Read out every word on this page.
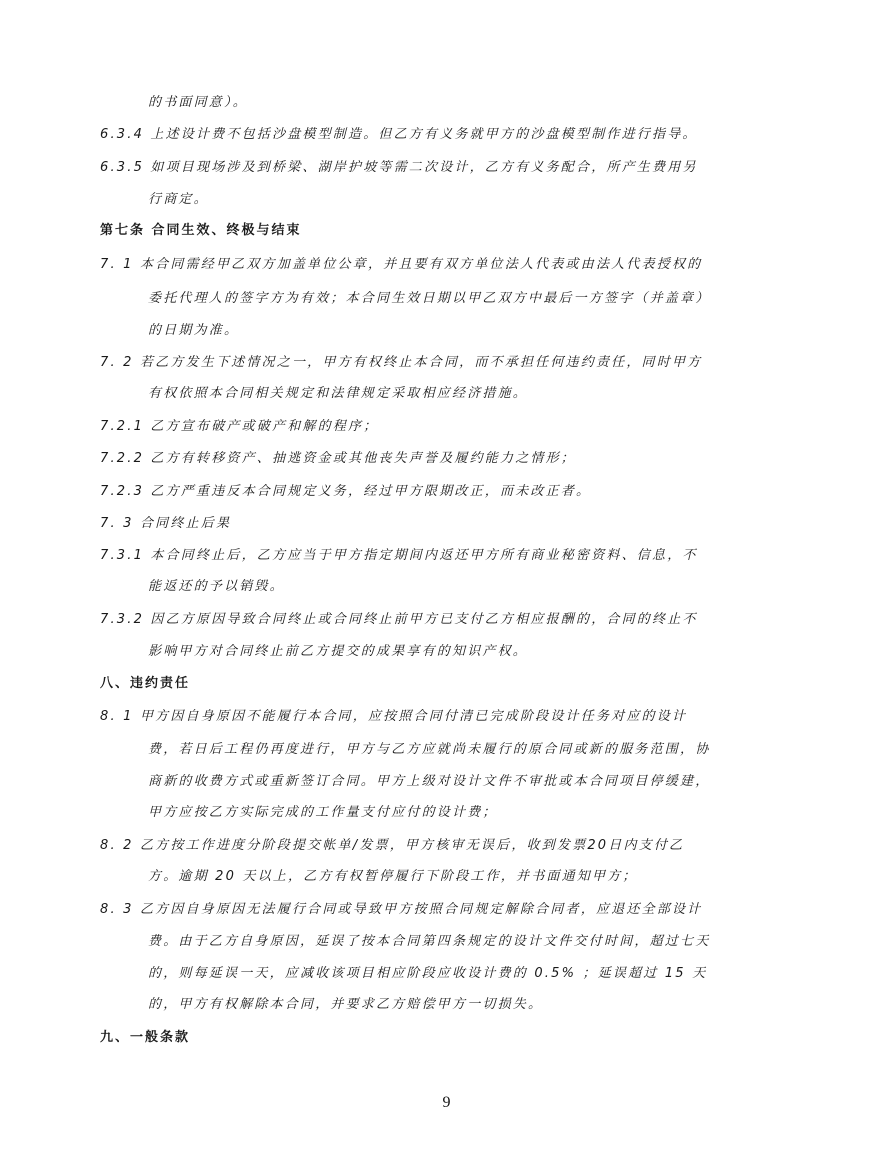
的书面同意）。
6.3.4 上述设计费不包括沙盘模型制造。但乙方有义务就甲方的沙盘模型制作进行指导。
6.3.5 如项目现场涉及到桥梁、湖岸护坡等需二次设计，乙方有义务配合，所产生费用另
行商定。
第七条 合同生效、终极与结束
7. 1 本合同需经甲乙双方加盖单位公章，并且要有双方单位法人代表或由法人代表授权的
委托代理人的签字方为有效；本合同生效日期以甲乙双方中最后一方签字（并盖章）
的日期为准。
7. 2 若乙方发生下述情况之一，甲方有权终止本合同，而不承担任何违约责任，同时甲方
有权依照本合同相关规定和法律规定采取相应经济措施。
7.2.1 乙方宣布破产或破产和解的程序；
7.2.2 乙方有转移资产、抽逃资金或其他丧失声誉及履约能力之情形；
7.2.3 乙方严重违反本合同规定义务，经过甲方限期改正，而未改正者。
7. 3 合同终止后果
7.3.1 本合同终止后，乙方应当于甲方指定期间内返还甲方所有商业秘密资料、信息，不
能返还的予以销毁。
7.3.2 因乙方原因导致合同终止或合同终止前甲方已支付乙方相应报酬的，合同的终止不
影响甲方对合同终止前乙方提交的成果享有的知识产权。
八、违约责任
8. 1 甲方因自身原因不能履行本合同，应按照合同付清已完成阶段设计任务对应的设计
费，若日后工程仍再度进行，甲方与乙方应就尚未履行的原合同或新的服务范围，协
商新的收费方式或重新签订合同。甲方上级对设计文件不审批或本合同项目停缓建，
甲方应按乙方实际完成的工作量支付应付的设计费；
8. 2 乙方按工作进度分阶段提交帐单/发票，甲方核审无误后，收到发票20日内支付乙
方。逾期 20 天以上，乙方有权暂停履行下阶段工作，并书面通知甲方；
8. 3 乙方因自身原因无法履行合同或导致甲方按照合同规定解除合同者，应退还全部设计
费。由于乙方自身原因，延误了按本合同第四条规定的设计文件交付时间，超过七天
的，则每延误一天，应减收该项目相应阶段应收设计费的 0.5% ；延误超过 15 天
的，甲方有权解除本合同，并要求乙方赔偿甲方一切损失。
九、一般条款
9
